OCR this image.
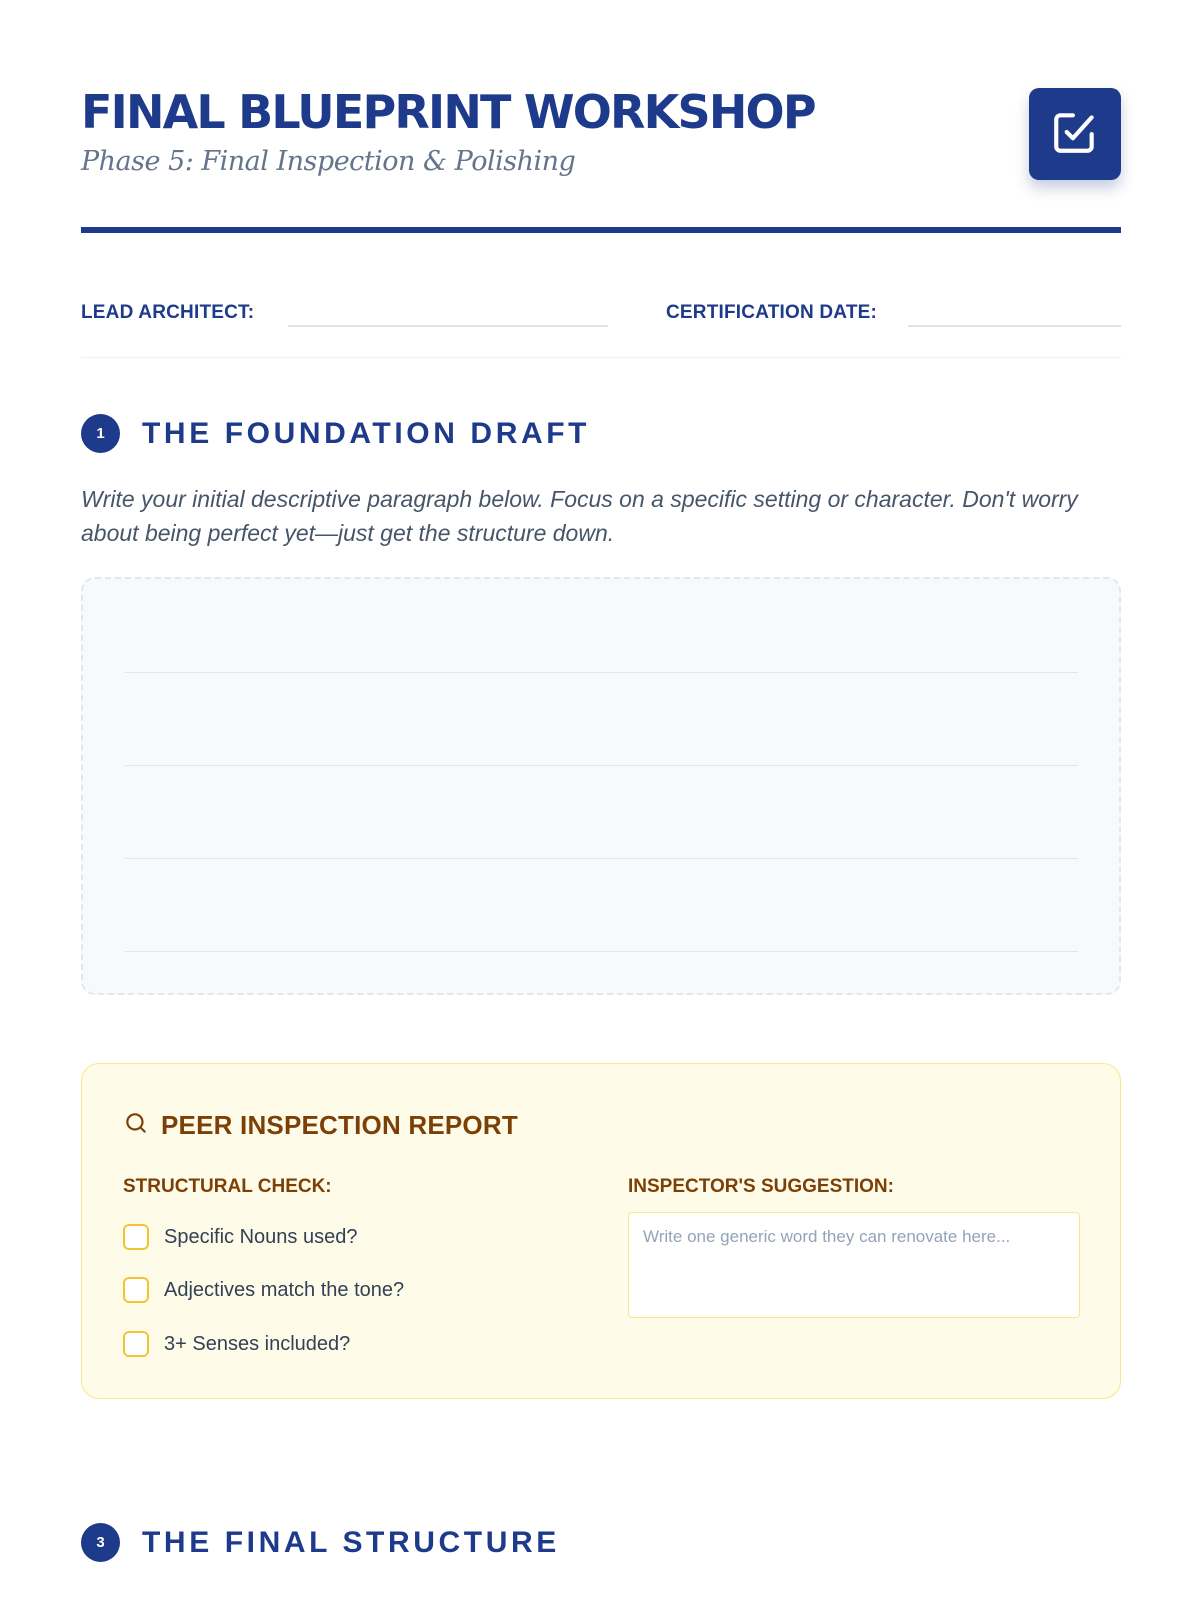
FINAL BLUEPRINT WORKSHOP
Phase 5: Final Inspection & Polishing
LEAD ARCHITECT:	CERTIFICATION DATE:
1	THE FOUNDATION DRAFT
Write your initial descriptive paragraph below. Focus on a specific setting or character. Don't worry about being perfect yet—just get the structure down.
PEER INSPECTION REPORT
STRUCTURAL CHECK:
Specific Nouns used?
Adjectives match the tone?
3+ Senses included?
INSPECTOR'S SUGGESTION:
Write one generic word they can renovate here...
3	THE FINAL STRUCTURE
